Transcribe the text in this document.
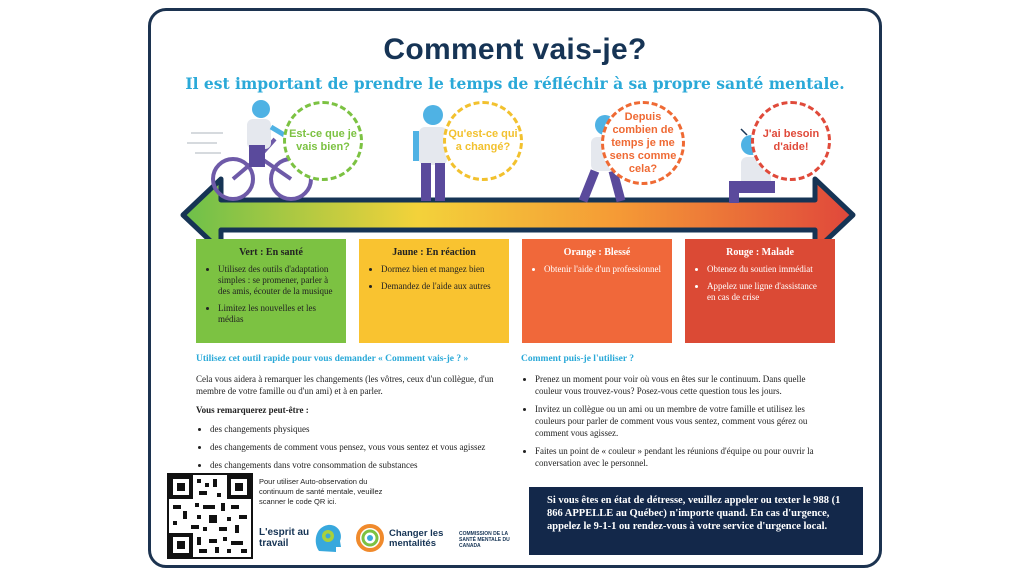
Comment vais-je?
Il est important de prendre le temps de réfléchir à sa propre santé mentale.
Est-ce que je vais bien?
Qu'est-ce qui a changé?
Depuis combien de temps je me sens comme cela?
J'ai besoin d'aide!
Vert : En santé
• Utilisez des outils d'adaptation simples : se promener, parler à des amis, écouter de la musique
• Limitez les nouvelles et les médias
Jaune : En réaction
• Dormez bien et mangez bien
• Demandez de l'aide aux autres
Orange : Blessé
• Obtenir l'aide d'un professionnel
Rouge : Malade
• Obtenez du soutien immédiat
• Appelez une ligne d'assistance en cas de crise
Utilisez cet outil rapide pour vous demander « Comment vais-je ? »

Cela vous aidera à remarquer les changements (les vôtres, ceux d'un collègue, d'un membre de votre famille ou d'un ami) et à en parler.

Vous remarquerez peut-être :

• des changements physiques
• des changements de comment vous pensez, vous vous sentez et vous agissez
• des changements dans votre consommation de substances
Comment puis-je l'utiliser ?
• Prenez un moment pour voir où vous en êtes sur le continuum. Dans quelle couleur vous trouvez-vous? Posez-vous cette question tous les jours.
• Invitez un collègue ou un ami ou un membre de votre famille et utilisez les couleurs pour parler de comment vous vous sentez, comment vous gérez ou comment vous agissez.
• Faites un point de « couleur » pendant les réunions d'équipe ou pour ouvrir la conversation avec le personnel.
Pour utiliser Auto-observation du continuum de santé mentale, veuillez scanner le code QR ici.
L'esprit au travail
Changer les mentalités
COMMISSION DE LA SANTÉ MENTALE DU CANADA
Si vous êtes en état de détresse, veuillez appeler ou texter le 988 (1 866 APPELLE au Québec) n'importe quand. En cas d'urgence, appelez le 9-1-1 ou rendez-vous à votre service d'urgence local.
